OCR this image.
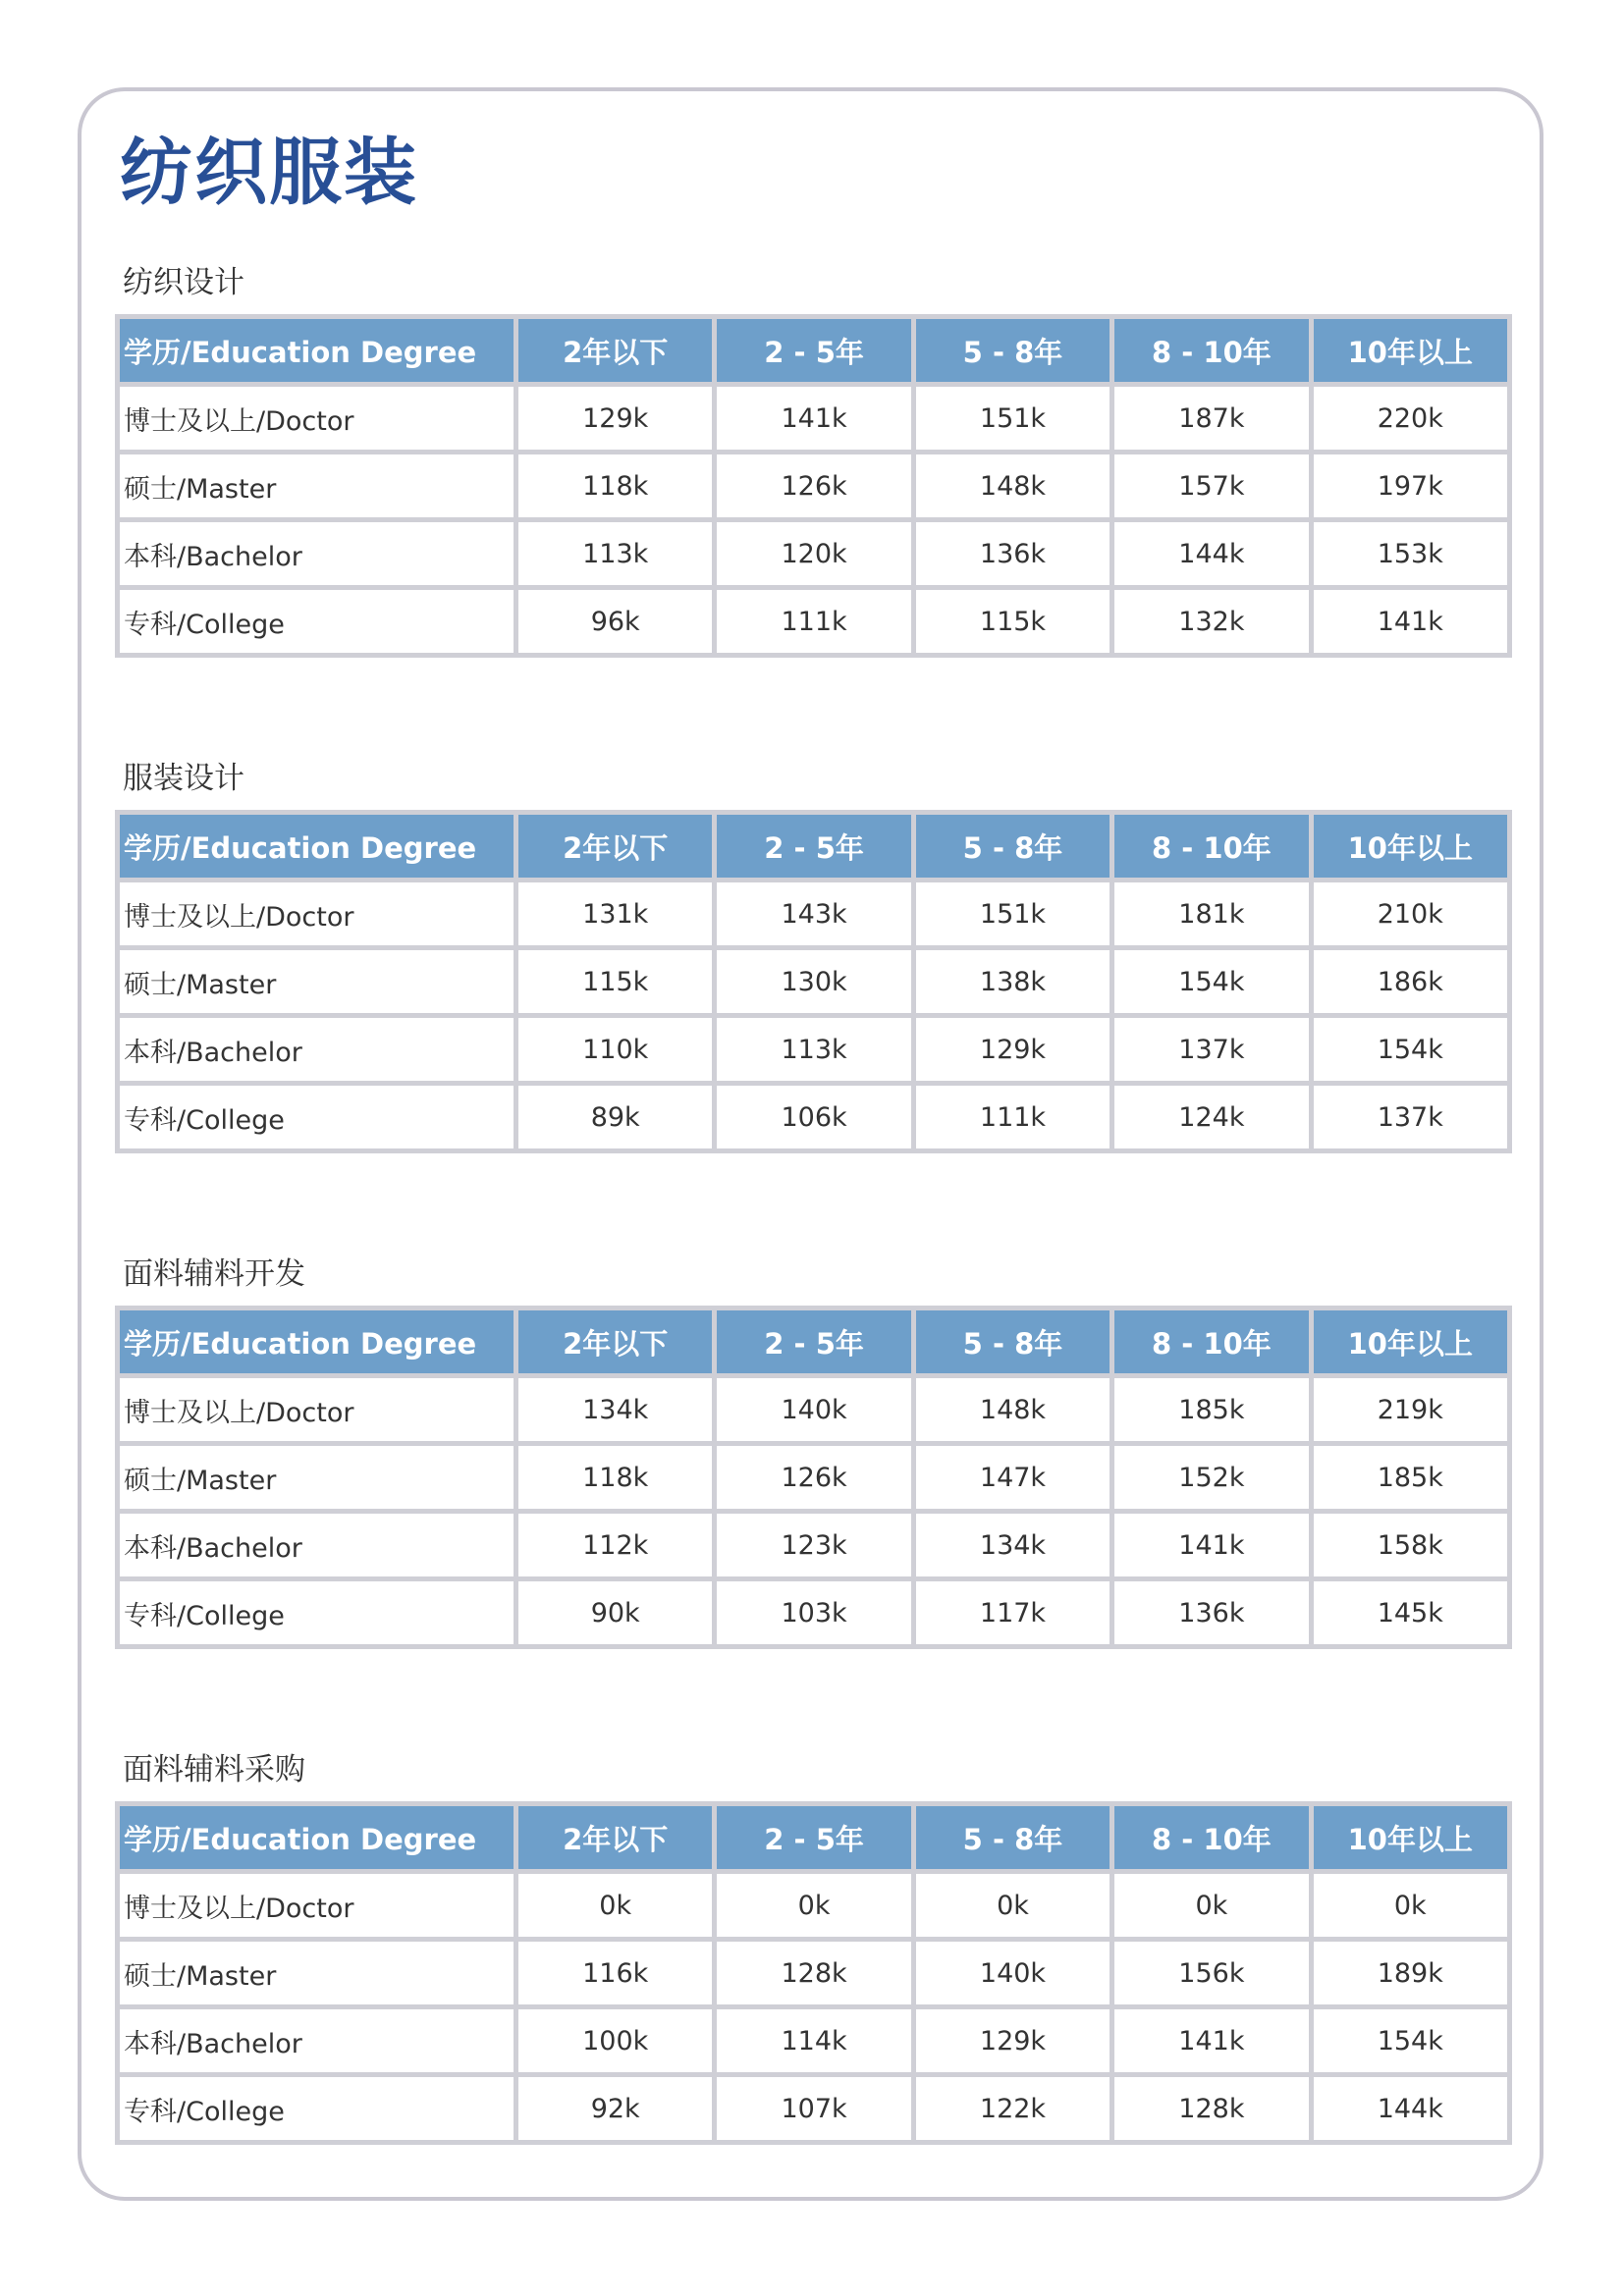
纺织服装
纺织设计
学历/Education Degree	2年以下	2 - 5年	5 - 8年	8 - 10年	10年以上
博士及以上/Doctor	129k	141k	151k	187k	220k
硕士/Master	118k	126k	148k	157k	197k
本科/Bachelor	113k	120k	136k	144k	153k
专科/College	96k	111k	115k	132k	141k
服装设计
学历/Education Degree	2年以下	2 - 5年	5 - 8年	8 - 10年	10年以上
博士及以上/Doctor	131k	143k	151k	181k	210k
硕士/Master	115k	130k	138k	154k	186k
本科/Bachelor	110k	113k	129k	137k	154k
专科/College	89k	106k	111k	124k	137k
面料辅料开发
学历/Education Degree	2年以下	2 - 5年	5 - 8年	8 - 10年	10年以上
博士及以上/Doctor	134k	140k	148k	185k	219k
硕士/Master	118k	126k	147k	152k	185k
本科/Bachelor	112k	123k	134k	141k	158k
专科/College	90k	103k	117k	136k	145k
面料辅料采购
学历/Education Degree	2年以下	2 - 5年	5 - 8年	8 - 10年	10年以上
博士及以上/Doctor	0k	0k	0k	0k	0k
硕士/Master	116k	128k	140k	156k	189k
本科/Bachelor	100k	114k	129k	141k	154k
专科/College	92k	107k	122k	128k	144k
